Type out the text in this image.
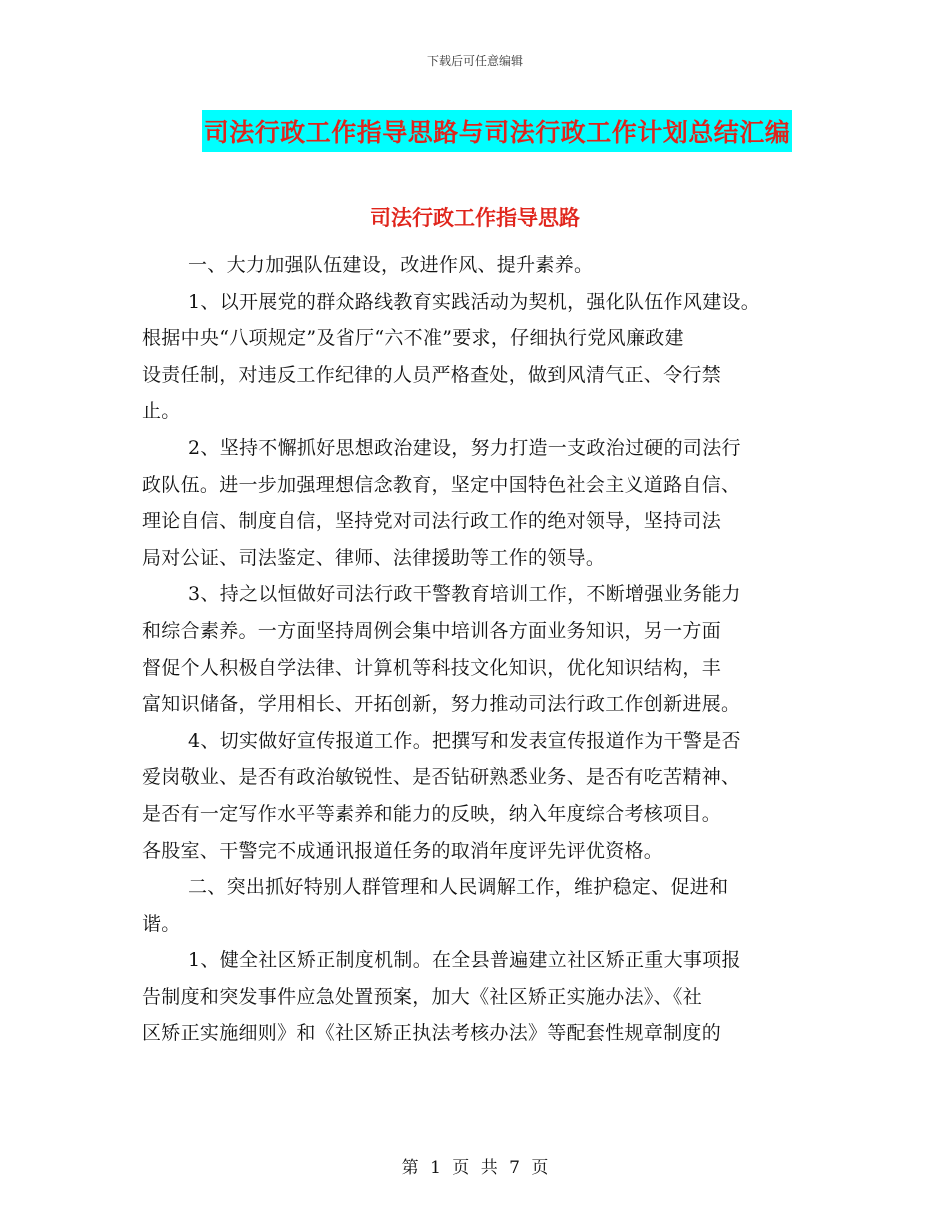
下载后可任意编辑
司法行政工作指导思路与司法行政工作计划总结汇编
司法行政工作指导思路
一、大力加强队伍建设，改进作风、提升素养。
1、以开展党的群众路线教育实践活动为契机，强化队伍作风建设。
根据中央“八项规定”及省厅“六不准”要求，仔细执行党风廉政建
设责任制，对违反工作纪律的人员严格查处，做到风清气正、令行禁
止。
2、坚持不懈抓好思想政治建设，努力打造一支政治过硬的司法行
政队伍。进一步加强理想信念教育，坚定中国特色社会主义道路自信、
理论自信、制度自信，坚持党对司法行政工作的绝对领导，坚持司法
局对公证、司法鉴定、律师、法律援助等工作的领导。
3、持之以恒做好司法行政干警教育培训工作，不断增强业务能力
和综合素养。一方面坚持周例会集中培训各方面业务知识，另一方面
督促个人积极自学法律、计算机等科技文化知识，优化知识结构，丰
富知识储备，学用相长、开拓创新，努力推动司法行政工作创新进展。
4、切实做好宣传报道工作。把撰写和发表宣传报道作为干警是否
爱岗敬业、是否有政治敏锐性、是否钻研熟悉业务、是否有吃苦精神、
是否有一定写作水平等素养和能力的反映，纳入年度综合考核项目。
各股室、干警完不成通讯报道任务的取消年度评先评优资格。
二、突出抓好特别人群管理和人民调解工作，维护稳定、促进和
谐。
1、健全社区矫正制度机制。在全县普遍建立社区矫正重大事项报
告制度和突发事件应急处置预案，加大《社区矫正实施办法》、《社
区矫正实施细则》和《社区矫正执法考核办法》等配套性规章制度的
第 1 页 共 7 页
